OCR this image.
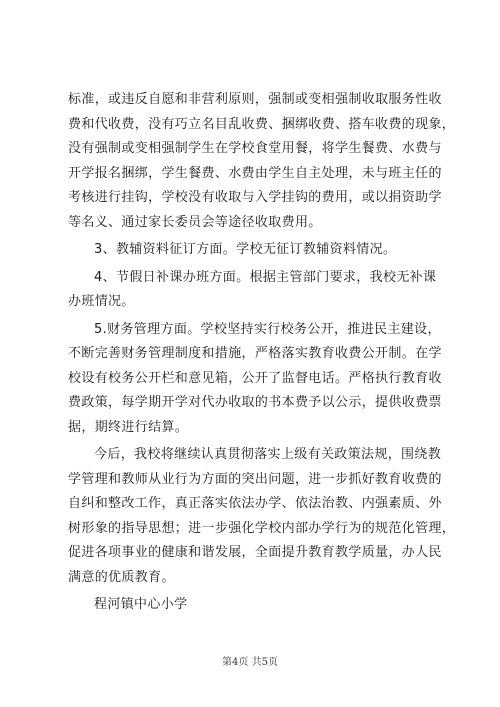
标准，或违反自愿和非营利原则，强制或变相强制收取服务性收

费和代收费，没有巧立名目乱收费、捆绑收费、搭车收费的现象，

没有强制或变相强制学生在学校食堂用餐，将学生餐费、水费与

开学报名捆绑，学生餐费、水费由学生自主处理，未与班主任的

考核进行挂钩，学校没有收取与入学挂钩的费用，或以捐资助学

等名义、通过家长委员会等途径收取费用。

3、教辅资料征订方面。学校无征订教辅资料情况。

4、节假日补课办班方面。根据主管部门要求，我校无补课

办班情况。

5.财务管理方面。学校坚持实行校务公开，推进民主建设，

不断完善财务管理制度和措施，严格落实教育收费公开制。在学

校设有校务公开栏和意见箱，公开了监督电话。严格执行教育收

费政策，每学期开学对代办收取的书本费予以公示，提供收费票

据，期终进行结算。

今后，我校将继续认真贯彻落实上级有关政策法规，围绕教

学管理和教师从业行为方面的突出问题，进一步抓好教育收费的

自纠和整改工作，真正落实依法办学、依法治教、内强素质、外

树形象的指导思想；进一步强化学校内部办学行为的规范化管理，

促进各项事业的健康和谐发展，全面提升教育教学质量，办人民

满意的优质教育。

程河镇中心小学
第4页 共5页
